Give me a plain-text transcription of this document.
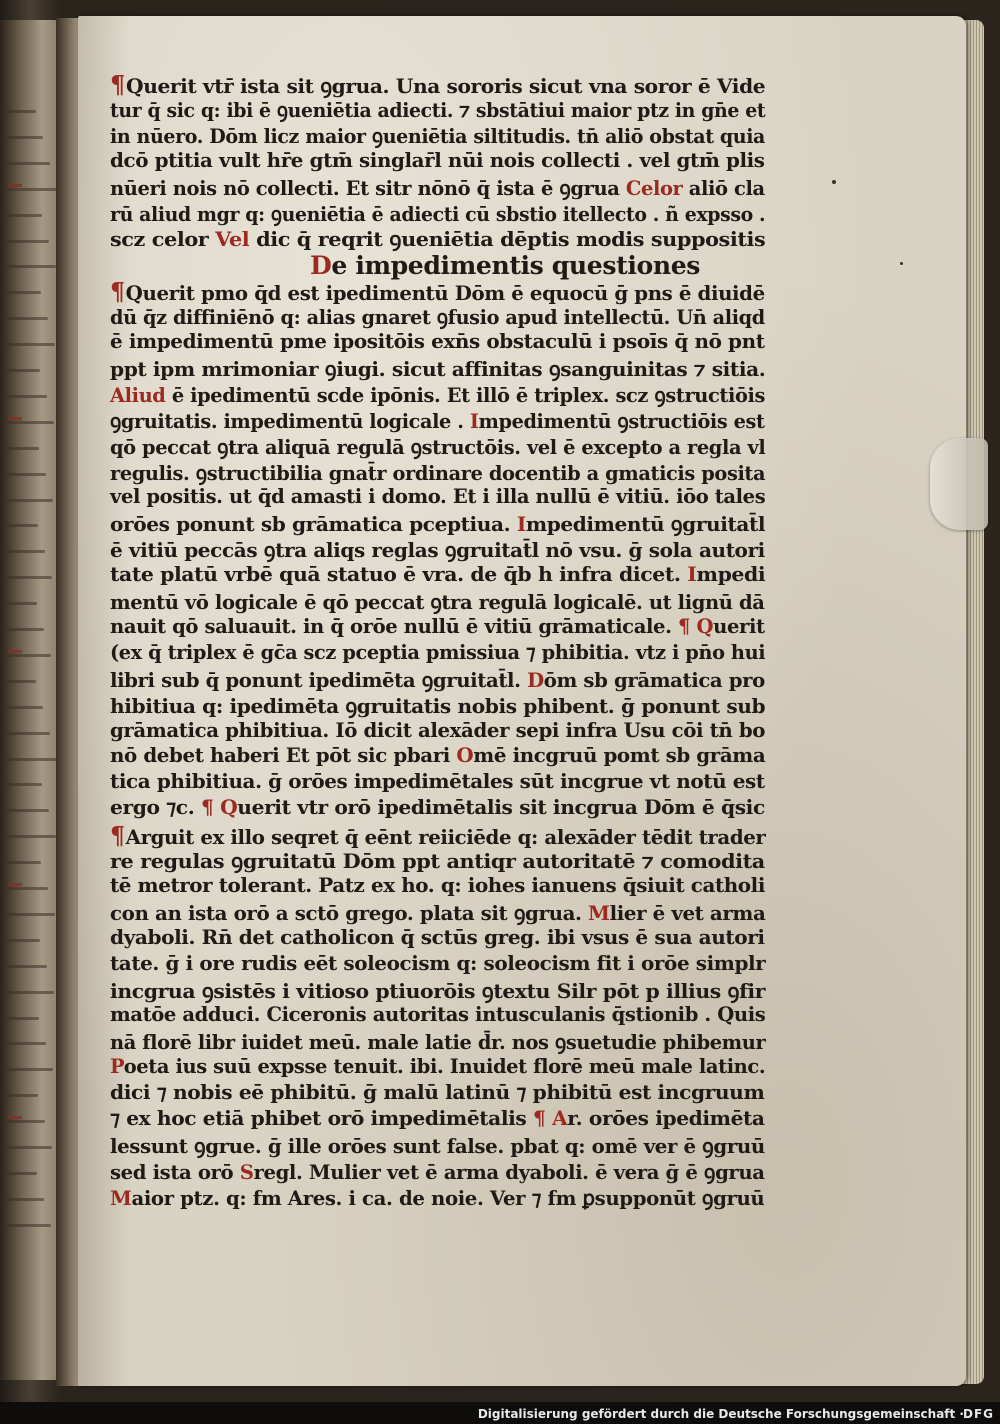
¶Querit vtr̄ ista sit ꝯgrua. Una sororis sicut vna soror ē Vide
tur q̄ sic q: ibi ē ꝯueniētia adiecti. ⁊ sbstātiui maior ptz in gn̄e et
in nūero. Dōm licz maior ꝯueniētia siltitudis. tn̄ aliō obstat quia
dcō ptitia vult hr̄e gtm̄ singlar̄l nūi nois collecti . vel gtm̄ plis
nūeri nois nō collecti. Et sitr nōnō q̄ ista ē ꝯgrua Celor aliō cla
rū aliud mgr q: ꝯueniētia ē adiecti cū sbstio itellecto . ñ expsso .
scz celor Vel dic q̄ reqrit ꝯueniētia dēptis modis suppositis
De impedimentis questiones
¶Querit pmo q̄d est ipedimentū Dōm ē equocū ḡ pns ē diuidē
dū q̄z diffiniēnō q: alias gnaret ꝯfusio apud intellectū. Un̄ aliqd
ē impedimentū pme ipositōis exn̄s obstaculū i psoīs q̄ nō pnt
ppt ipm mrimoniar ꝯiugi. sicut affinitas ꝯsanguinitas ⁊ sitia.
Aliud ē ipedimentū scde ipōnis. Et illō ē triplex. scz ꝯstructiōis
ꝯgruitatis. impedimentū logicale . Impedimentū ꝯstructiōis est
qō peccat ꝯtra aliquā regulā ꝯstructōis. vel ē excepto a regla vl
regulis. ꝯstructibilia gnat̄r ordinare docentib a gmaticis posita
vel positis. ut q̄d amasti i domo. Et i illa nullū ē vitiū. iōo tales
orōes ponunt sb grāmatica pceptiua. Impedimentū ꝯgruitat̄l
ē vitiū peccās ꝯtra aliqs reglas ꝯgruitat̄l nō vsu. ḡ sola autori
tate platū vrbē quā statuo ē vra. de q̄b h infra dicet. Impedi
mentū vō logicale ē qō peccat ꝯtra regulā logicalē. ut lignū dā
nauit qō saluauit. in q̄ orōe nullū ē vitiū grāmaticale. ¶ Querit
(ex q̄ triplex ē gc̄a scz pceptia pmissiua ⁊ phibitia. vtz i pn̄o hui
libri sub q̄ ponunt ipedimēta ꝯgruitat̄l. Dōm sb grāmatica pro
hibitiua q: ipedimēta ꝯgruitatis nobis phibent. ḡ ponunt sub
grāmatica phibitiua. Iō dicit alexāder sepi infra Usu cōi tn̄ bo
nō debet haberi Et pōt sic pbari Omē incgruū pomt sb grāma
tica phibitiua. ḡ orōes impedimētales sūt incgrue vt notū est
ergo ⁊c. ¶ Querit vtr orō ipedimētalis sit incgrua Dōm ē q̄sic
¶Arguit ex illo seqret q̄ eēnt reiiciēde q: alexāder tēdit trader
re regulas ꝯgruitatū Dōm ppt antiqr autoritatē ⁊ comodita
tē metror tolerant. Patz ex ho. q: iohes ianuens q̄siuit catholi
con an ista orō a sctō grego. plata sit ꝯgrua. Mlier ē vet arma
dyaboli. Rn̄ det catholicon q̄ sctūs greg. ibi vsus ē sua autori
tate. ḡ i ore rudis eēt soleocism q: soleocism fit i orōe simplr
incgrua ꝯsistēs i vitioso ptiuorōis ꝯtextu Silr pōt p illius ꝯfir
matōe adduci. Ciceronis autoritas intusculanis q̄stionib . Quis
nā florē libr iuidet meū. male latie d̄r. nos ꝯsuetudie phibemur
Poeta ius suū expsse tenuit. ibi. Inuidet florē meū male latinc.
dici ⁊ nobis eē phibitū. ḡ malū latinū ⁊ phibitū est incgruum
⁊ ex hoc etiā phibet orō impedimētalis ¶ Ar. orōes ipedimēta
lessunt ꝯgrue. ḡ ille orōes sunt false. pbat q: omē ver ē ꝯgruū
sed ista orō Sregl. Mulier vet ē arma dyaboli. ē vera ḡ ē ꝯgrua
Maior ptz. q: fm Ares. i ca. de noie. Ver ⁊ fm ꝑsupponūt ꝯgruū
Digitalisierung gefördert durch die Deutsche Forschungsgemeinschaft ·
DFG
